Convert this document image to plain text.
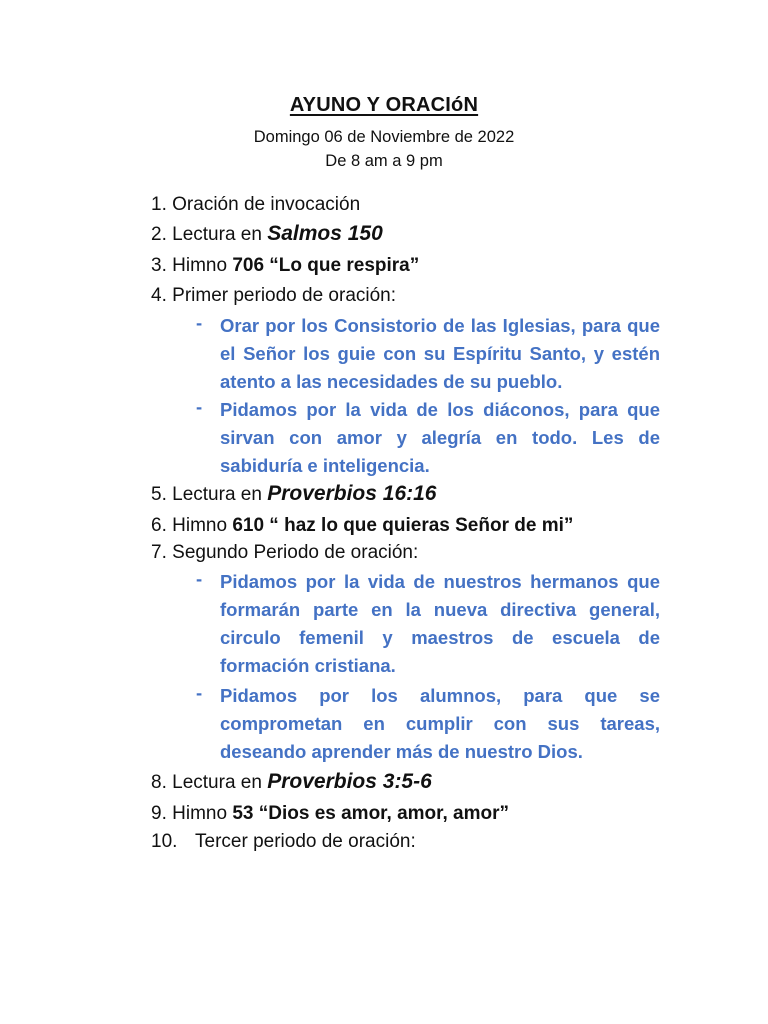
AYUNO Y ORACIóN
Domingo 06 de Noviembre de 2022
De 8 am a 9 pm
1. Oración de invocación
2. Lectura en Salmos 150
3. Himno 706 “Lo que respira”
4. Primer periodo de oración:
- Orar por los Consistorio de las Iglesias, para que el Señor los guie con su Espíritu Santo, y estén atento a las necesidades de su pueblo.
- Pidamos por la vida de los diáconos, para que sirvan con amor y alegría en todo. Les de sabiduría e inteligencia.
5. Lectura en Proverbios 16:16
6. Himno 610 “ haz lo que quieras Señor de mi”
7. Segundo Periodo de oración:
- Pidamos por la vida de nuestros hermanos que formarán parte en la nueva directiva general, circulo femenil y maestros de escuela de formación cristiana.
- Pidamos por los alumnos, para que se comprometan en cumplir con sus tareas, deseando aprender más de nuestro Dios.
8. Lectura en Proverbios 3:5-6
9. Himno 53 “Dios es amor, amor, amor”
10. Tercer periodo de oración:
